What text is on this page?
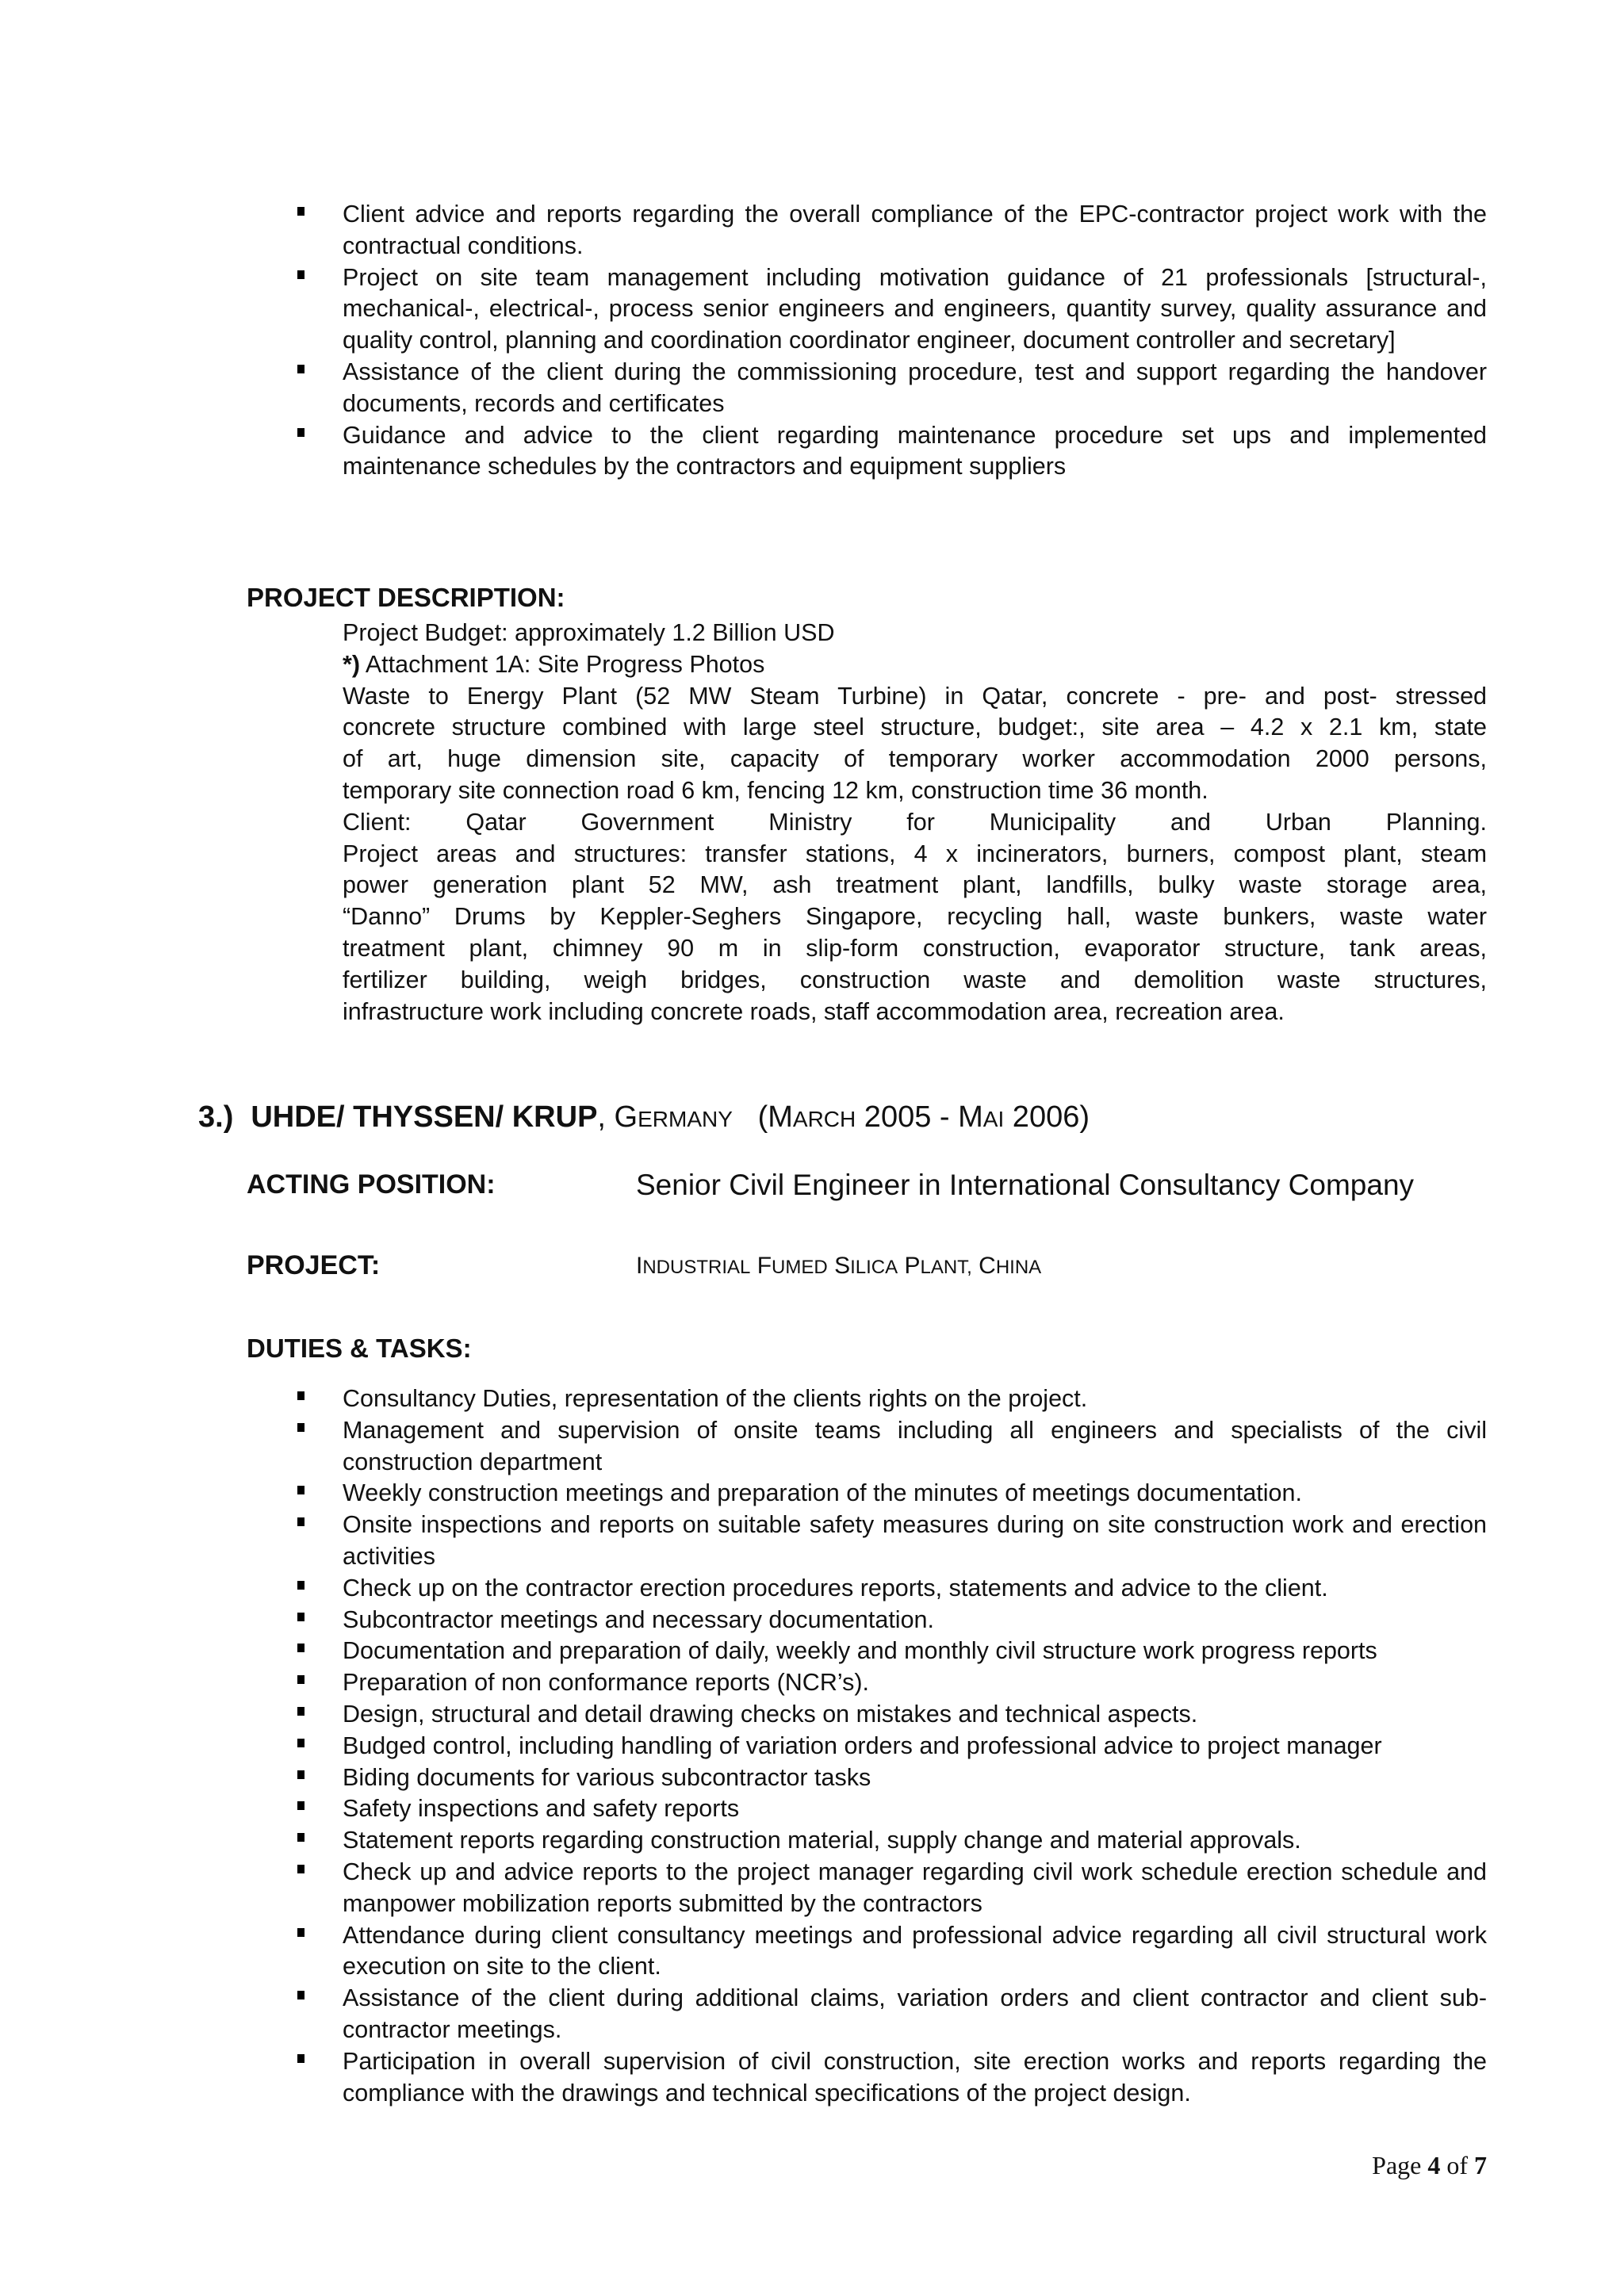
Client advice and reports regarding the overall compliance of the EPC-contractor project work with the contractual conditions.
Project on site team management including motivation guidance of 21 professionals [structural-, mechanical-, electrical-, process senior engineers and engineers, quantity survey, quality assurance and quality control, planning and coordination coordinator engineer, document controller and secretary]
Assistance of the client during the commissioning procedure, test and support regarding the handover documents, records and certificates
Guidance and advice to the client regarding maintenance procedure set ups and implemented maintenance schedules by the contractors and equipment suppliers
PROJECT DESCRIPTION:

Project Budget: approximately 1.2 Billion USD

*) Attachment 1A: Site Progress Photos

Waste to Energy Plant (52 MW Steam Turbine) in Qatar, concrete - pre- and post- stressed

concrete structure combined with large steel structure, budget:, site area – 4.2 x 2.1 km, state

of art, huge dimension site, capacity of temporary worker accommodation 2000 persons,

temporary site connection road 6 km, fencing 12 km, construction time 36 month.

Client: Qatar Government Ministry for Municipality and Urban Planning.

Project areas and structures: transfer stations, 4 x incinerators, burners, compost plant, steam

power generation plant 52 MW, ash treatment plant, landfills, bulky waste storage area,

“Danno” Drums by Keppler-Seghers Singapore, recycling hall, waste bunkers, waste water

treatment plant, chimney 90 m in slip-form construction, evaporator structure, tank areas,

fertilizer building, weigh bridges, construction waste and demolition waste structures,

infrastructure work including concrete roads, staff accommodation area, recreation area.

3.) UHDE/ THYSSEN/ KRUP, GERMANY (MARCH 2005 - MAI 2006)
ACTING POSITION:	Senior Civil Engineer in International Consultancy Company
PROJECT:	INDUSTRIAL FUMED SILICA PLANT, CHINA
DUTIES & TASKS:
Consultancy Duties, representation of the clients rights on the project.
Management and supervision of onsite teams including all engineers and specialists of the civil construction department
Weekly construction meetings and preparation of the minutes of meetings documentation.
Onsite inspections and reports on suitable safety measures during on site construction work and erection activities
Check up on the contractor erection procedures reports, statements and advice to the client.
Subcontractor meetings and necessary documentation.
Documentation and preparation of daily, weekly and monthly civil structure work progress reports
Preparation of non conformance reports (NCR’s).
Design, structural and detail drawing checks on mistakes and technical aspects.
Budged control, including handling of variation orders and professional advice to project manager
Biding documents for various subcontractor tasks
Safety inspections and safety reports
Statement reports regarding construction material, supply change and material approvals.
Check up and advice reports to the project manager regarding civil work schedule erection schedule and manpower mobilization reports submitted by the contractors
Attendance during client consultancy meetings and professional advice regarding all civil structural work execution on site to the client.
Assistance of the client during additional claims, variation orders and client contractor and client sub-contractor meetings.
Participation in overall supervision of civil construction, site erection works and reports regarding the compliance with the drawings and technical specifications of the project design.
Page 4 of 7
